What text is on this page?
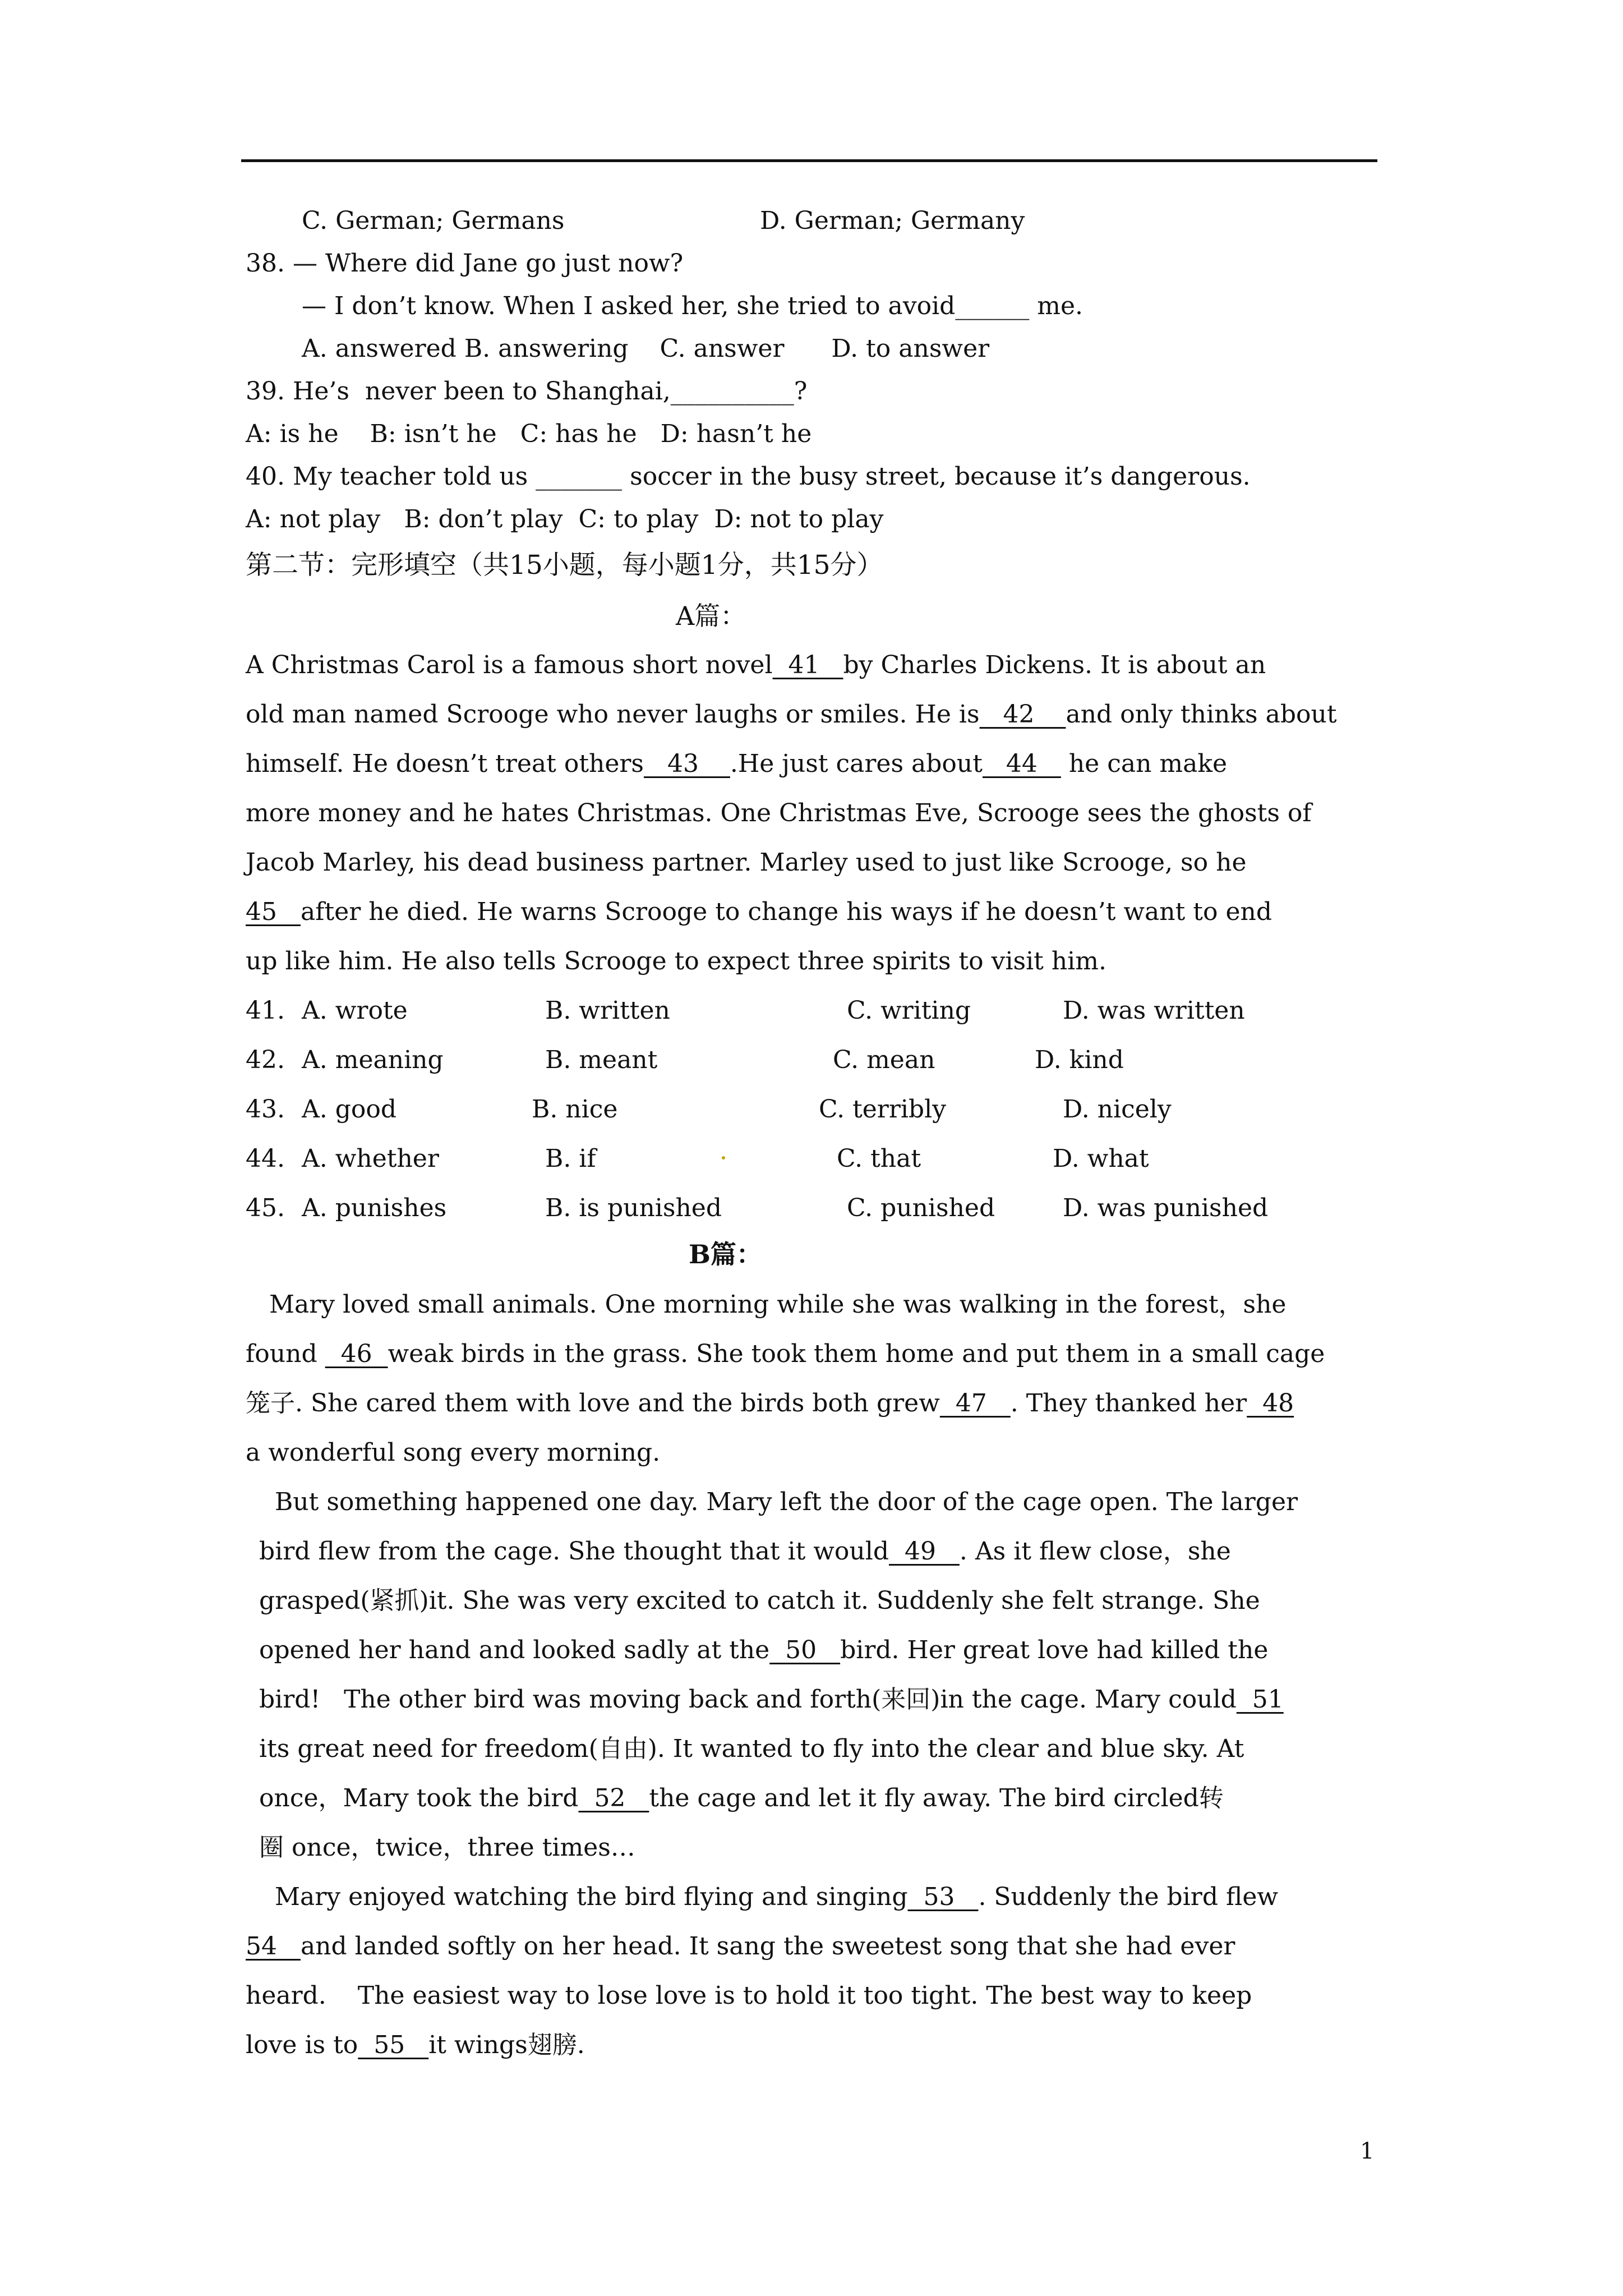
C. German; Germans	D. German; Germany
38. — Where did Jane go just now?
— I don’t know. When I asked her, she tried to avoid______ me.
A. answered B. answering    C. answer      D. to answer
39. He’s  never been to Shanghai,__________?
A: is he    B: isn’t he   C: has he   D: hasn’t he
40. My teacher told us _______ soccer in the busy street, because it’s dangerous.
A: not play   B: don’t play  C: to play  D: not to play
第二节：完形填空（共15小题，每小题1分，共15分）
A篇：
A Christmas Carol is a famous short novel  41   by Charles Dickens. It is about an
old man named Scrooge who never laughs or smiles. He is   42    and only thinks about
himself. He doesn’t treat others   43    .He just cares about   44    he can make
more money and he hates Christmas. One Christmas Eve, Scrooge sees the ghosts of
Jacob Marley, his dead business partner. Marley used to just like Scrooge, so he
45   after he died. He warns Scrooge to change his ways if he doesn’t want to end
up like him. He also tells Scrooge to expect three spirits to visit him.
41. A. wrote	B. written	C. writing	D. was written
42. A. meaning	B. meant	C. mean	D. kind
43. A. good	B. nice	C. terribly	D. nicely
44. A. whether	B. if	C. that	D. what
45. A. punishes	B. is punished	C. punished	D. was punished
B篇：
Mary loved small animals. One morning while she was walking in the forest，she
found   46  weak birds in the grass. She took them home and put them in a small cage
笼子. She cared them with love and the birds both grew  47   . They thanked her  48
a wonderful song every morning.
But something happened one day. Mary left the door of the cage open. The larger
bird flew from the cage. She thought that it would  49   . As it flew close，she
grasped(紧抓)it. She was very excited to catch it. Suddenly she felt strange. She
opened her hand and looked sadly at the  50   bird. Her great love had killed the
bird!   The other bird was moving back and forth(来回)in the cage. Mary could  51
its great need for freedom(自由). It wanted to fly into the clear and blue sky. At
once，Mary took the bird  52   the cage and let it fly away. The bird circled转
圈 once，twice，three times…
Mary enjoyed watching the bird flying and singing  53   . Suddenly the bird flew
54   and landed softly on her head. It sang the sweetest song that she had ever
heard.    The easiest way to lose love is to hold it too tight. The best way to keep
love is to  55   it wings翅膀.
1
